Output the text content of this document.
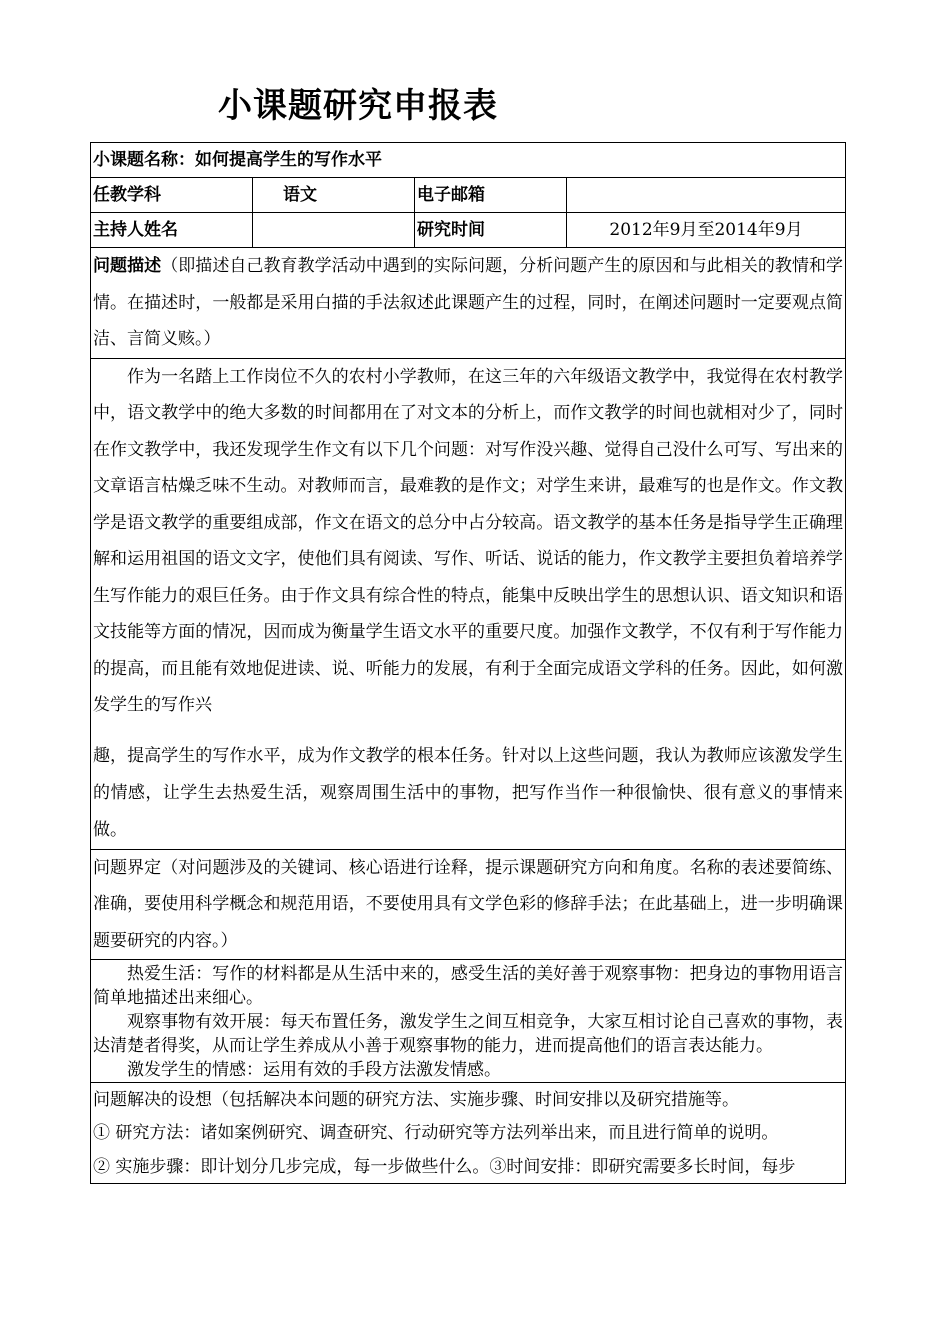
小课题研究申报表
小课题名称：如何提高学生的写作水平			
任教学科	语文	电子邮箱	
主持人姓名		研究时间	2012年9月至2014年9月

问题描述（即描述自己教育教学活动中遇到的实际问题，分析问题产生的原因和与此相关的教情和学情。在描述时，一般都是采用白描的手法叙述此课题产生的过程，同时，在阐述问题时一定要观点简洁、言简义赅。）			

作为一名踏上工作岗位不久的农村小学教师，在这三年的六年级语文教学中，我觉得在农村教学中，语文教学中的绝大多数的时间都用在了对文本的分析上，而作文教学的时间也就相对少了，同时在作文教学中，我还发现学生作文有以下几个问题：对写作没兴趣、觉得自己没什么可写、写出来的文章语言枯燥乏味不生动。对教师而言，最难教的是作文；对学生来讲，最难写的也是作文。作文教学是语文教学的重要组成部，作文在语文的总分中占分较高。语文教学的基本任务是指导学生正确理解和运用祖国的语文文字，使他们具有阅读、写作、听话、说话的能力，作文教学主要担负着培养学生写作能力的艰巨任务。由于作文具有综合性的特点，能集中反映出学生的思想认识、语文知识和语文技能等方面的情况，因而成为衡量学生语文水平的重要尺度。加强作文教学，不仅有利于写作能力的提高，而且能有效地促进读、说、听能力的发展，有利于全面完成语文学科的任务。因此，如何激发学生的写作兴

趣，提高学生的写作水平，成为作文教学的根本任务。针对以上这些问题，我认为教师应该激发学生的情感，让学生去热爱生活，观察周围生活中的事物，把写作当作一种很愉快、很有意义的事情来做。			

问题界定（对问题涉及的关键词、核心语进行诠释，提示课题研究方向和角度。名称的表述要简练、准确，要使用科学概念和规范用语，不要使用具有文学色彩的修辞手法；在此基础上，进一步明确课题要研究的内容。）			

热爱生活：写作的材料都是从生活中来的，感受生活的美好善于观察事物：把身边的事物用语言简单地描述出来细心。

观察事物有效开展：每天布置任务，激发学生之间互相竞争，大家互相讨论自己喜欢的事物，表达清楚者得奖，从而让学生养成从小善于观察事物的能力，进而提高他们的语言表达能力。

激发学生的情感：运用有效的手段方法激发情感。			

问题解决的设想（包括解决本问题的研究方法、实施步骤、时间安排以及研究措施等。

① 研究方法：诸如案例研究、调查研究、行动研究等方法列举出来，而且进行简单的说明。

② 实施步骤：即计划分几步完成，每一步做些什么。③时间安排：即研究需要多长时间，每步			
